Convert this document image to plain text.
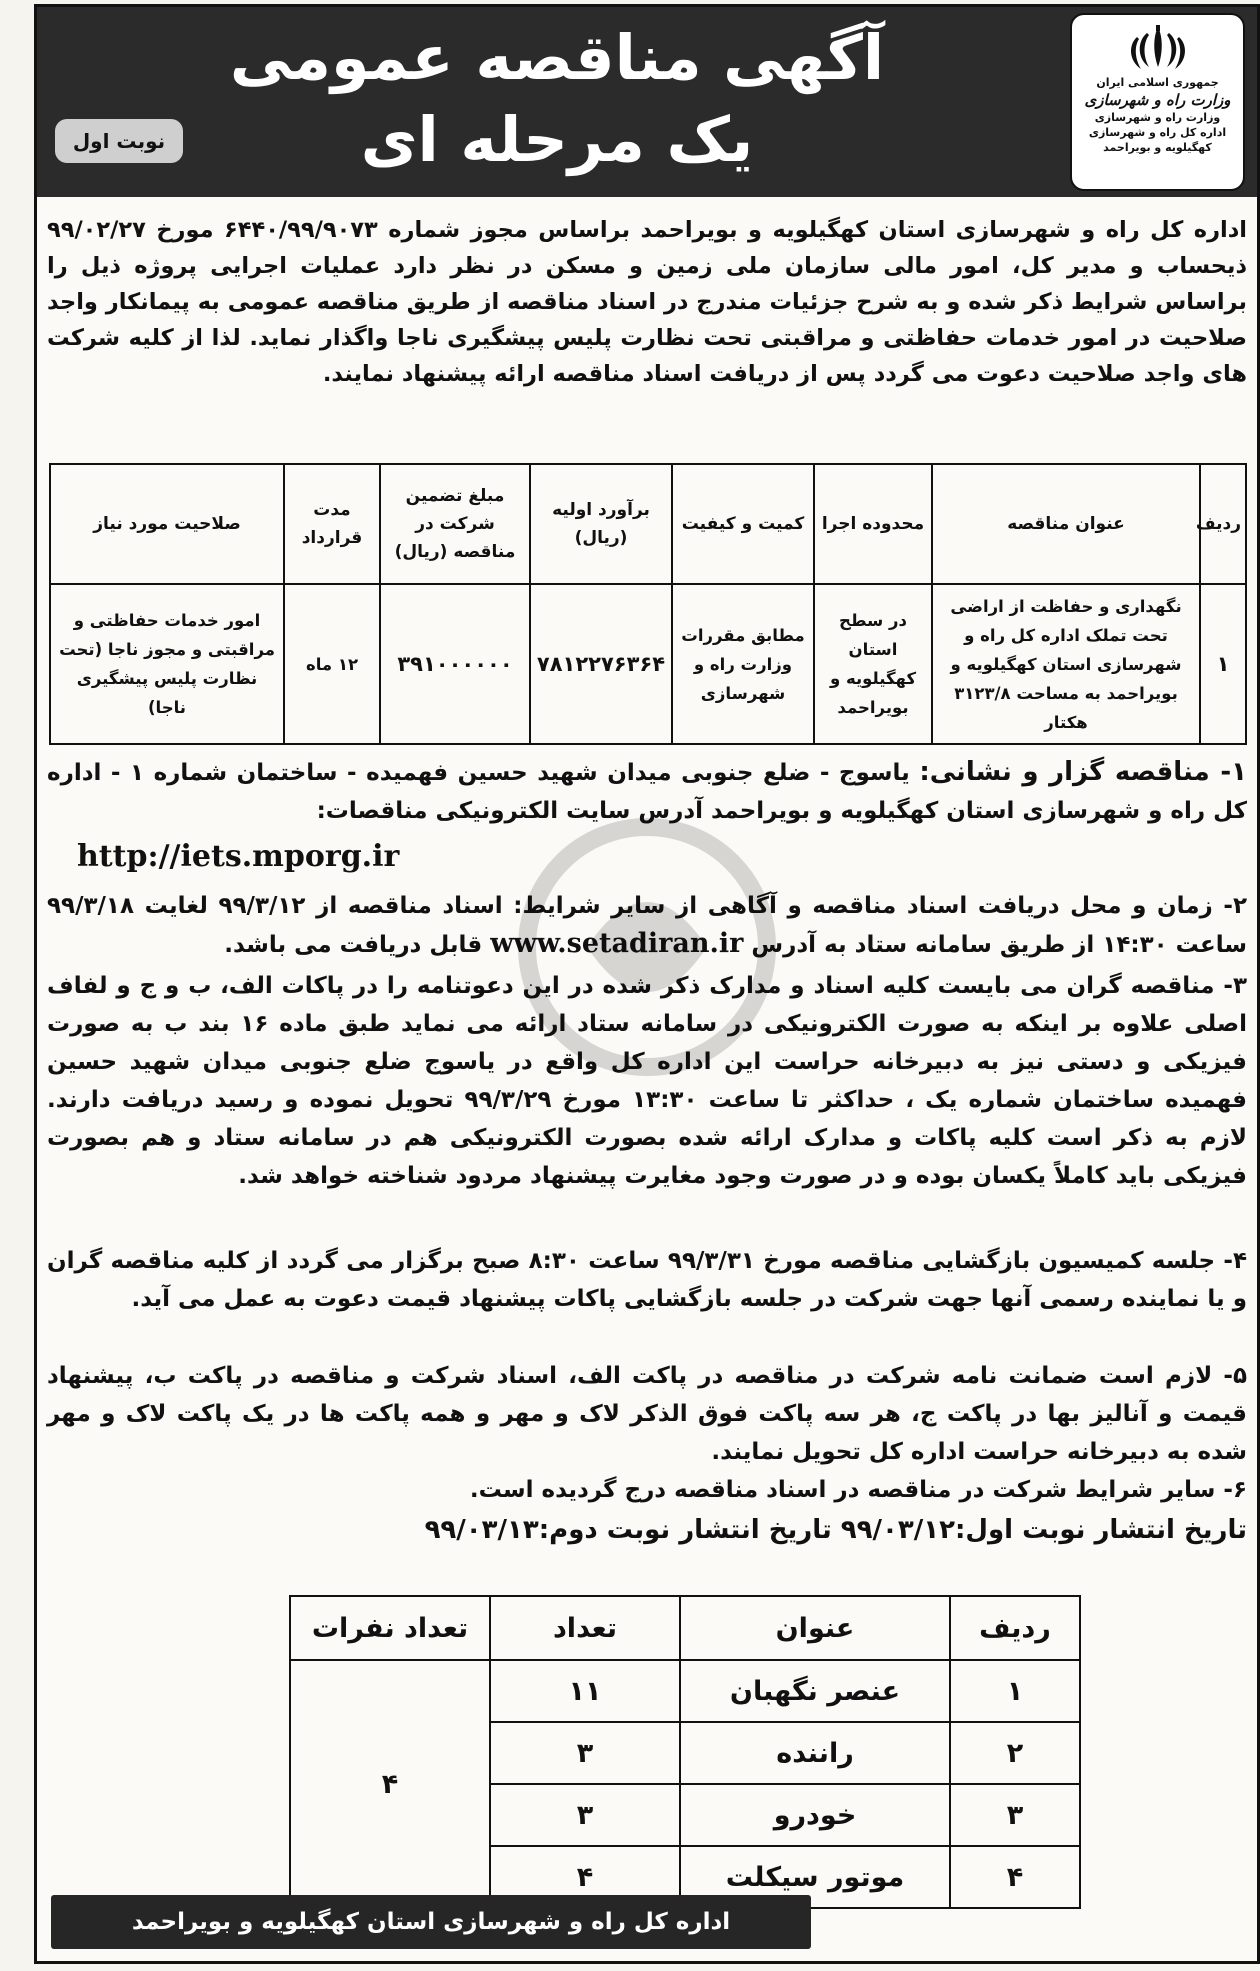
جمهوری اسلامی ایران

وزارت راه و شهرسازی

وزارت راه و شهرسازی

اداره کل راه و شهرسازی

کهگیلویه و بویراحمد

آگهی مناقصه عمومی
یک مرحله ای
نوبت اول
اداره کل راه و شهرسازی استان کهگیلویه و بویراحمد براساس مجوز شماره ۶۴۴۰/۹۹/۹۰۷۳ مورخ ۹۹/۰۲/۲۷ ذیحساب و مدیر کل، امور مالی سازمان ملی زمین و مسکن در نظر دارد عملیات اجرایی پروژه ذیل را براساس شرایط ذکر شده و به شرح جزئیات مندرج در اسناد مناقصه از طریق مناقصه عمومی به پیمانکار واجد صلاحیت در امور خدمات حفاظتی و مراقبتی تحت نظارت پلیس پیشگیری ناجا واگذار نماید. لذا از کلیه شرکت های واجد صلاحیت دعوت می گردد پس از دریافت اسناد مناقصه ارائه پیشنهاد نمایند.
ردیف	عنوان مناقصه	محدوده اجرا	کمیت و کیفیت	برآورد اولیه (ریال)	مبلغ تضمین شرکت در مناقصه (ریال)	مدت قرارداد	صلاحیت مورد نیاز
۱	نگهداری و حفاظت از اراضی تحت تملک اداره کل راه و شهرسازی استان کهگیلویه و بویراحمد به مساحت ۳۱۲۳/۸ هکتار	در سطح استان کهگیلویه و بویراحمد	مطابق مقررات وزارت راه و شهرسازی	۷۸۱۲۲۷۶۳۶۴	۳۹۱۰۰۰۰۰۰	۱۲ ماه	امور خدمات حفاظتی و مراقبتی و مجوز ناجا (تحت نظارت پلیس پیشگیری ناجا)
۱- مناقصه گزار و نشانی: یاسوج - ضلع جنوبی میدان شهید حسین فهمیده - ساختمان شماره ۱ - اداره کل راه و شهرسازی استان کهگیلویه و بویراحمد آدرس سایت الکترونیکی مناقصات:
http://iets.mporg.ir
۲- زمان و محل دریافت اسناد مناقصه و آگاهی از سایر شرایط: اسناد مناقصه از ۹۹/۳/۱۲ لغایت ۹۹/۳/۱۸ ساعت ۱۴:۳۰ از طریق سامانه ستاد به آدرس www.setadiran.ir قابل دریافت می باشد.
۳- مناقصه گران می بایست کلیه اسناد و مدارک ذکر شده در این دعوتنامه را در پاکات الف، ب و ج و لفاف اصلی علاوه بر اینکه به صورت الکترونیکی در سامانه ستاد ارائه می نماید طبق ماده ۱۶ بند ب به صورت فیزیکی و دستی نیز به دبیرخانه حراست این اداره کل واقع در یاسوج ضلع جنوبی میدان شهید حسین فهمیده ساختمان شماره یک ، حداکثر تا ساعت ۱۳:۳۰ مورخ ۹۹/۳/۲۹ تحویل نموده و رسید دریافت دارند. لازم به ذکر است کلیه پاکات و مدارک ارائه شده بصورت الکترونیکی هم در سامانه ستاد و هم بصورت فیزیکی باید کاملاً یکسان بوده و در صورت وجود مغایرت پیشنهاد مردود شناخته خواهد شد.
۴- جلسه کمیسیون بازگشایی مناقصه مورخ ۹۹/۳/۳۱ ساعت ۸:۳۰ صبح برگزار می گردد از کلیه مناقصه گران و یا نماینده رسمی آنها جهت شرکت در جلسه بازگشایی پاکات پیشنهاد قیمت دعوت به عمل می آید.
۵- لازم است ضمانت نامه شرکت در مناقصه در پاکت الف، اسناد شرکت و مناقصه در پاکت ب، پیشنهاد قیمت و آنالیز بها در پاکت ج، هر سه پاکت فوق الذکر لاک و مهر و همه پاکت ها در یک پاکت لاک و مهر شده به دبیرخانه حراست اداره کل تحویل نمایند.
۶- سایر شرایط شرکت در مناقصه در اسناد مناقصه درج گردیده است.
تاریخ انتشار نوبت اول:۹۹/۰۳/۱۲ تاریخ انتشار نوبت دوم:۹۹/۰۳/۱۳
ردیف	عنوان	تعداد	تعداد نفرات
۱	عنصر نگهبان	۱۱	۴
۲	راننده	۳	
۳	خودرو	۳	
۴	موتور سیکلت	۴	
اداره کل راه و شهرسازی استان کهگیلویه و بویراحمد
